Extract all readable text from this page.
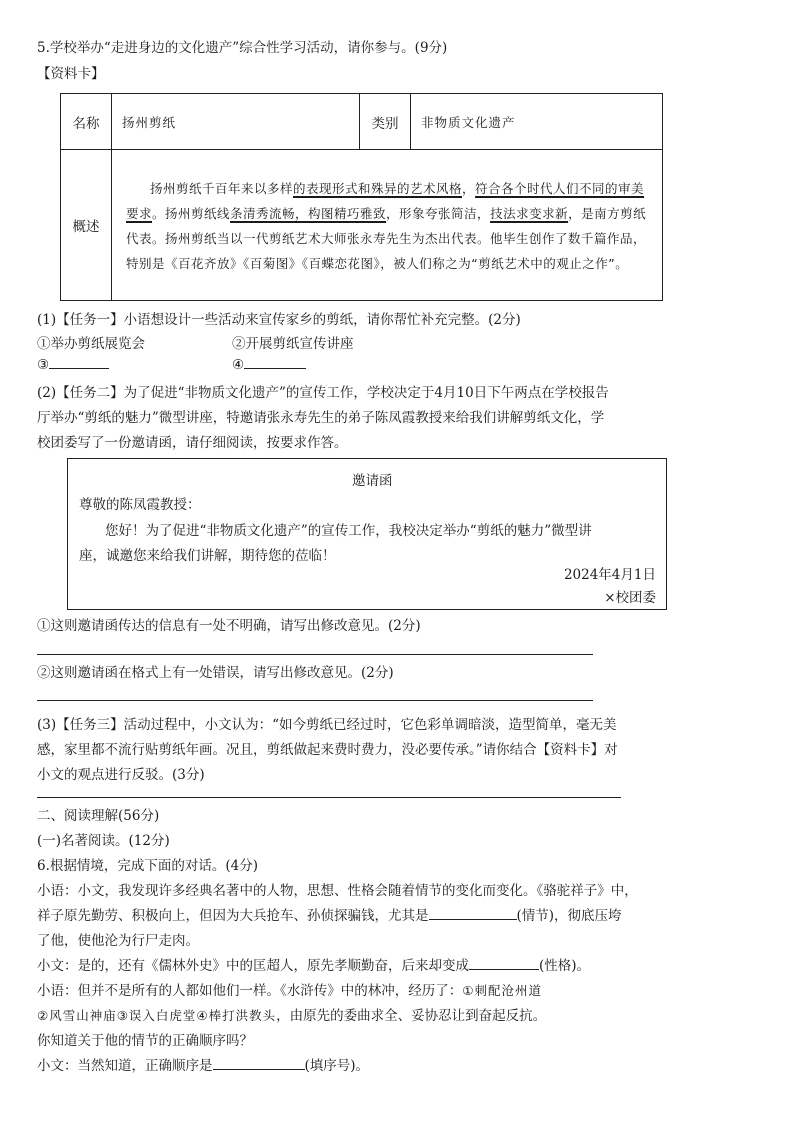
5.学校举办“走进身边的文化遗产”综合性学习活动，请你参与。(9分)
【资料卡】
名称	扬州剪纸	类别	非物质文化遗产
概述	扬州剪纸千百年来以多样的表现形式和殊异的艺术风格，符合各个时代人们不同的审美要求。扬州剪纸线条清秀流畅，构图精巧雅致，形象夸张简洁，技法求变求新，是南方剪纸代表。扬州剪纸当以一代剪纸艺术大师张永寿先生为杰出代表。他毕生创作了数千篇作品，特别是《百花齐放》《百菊图》《百蝶恋花图》，被人们称之为“剪纸艺术中的观止之作”。		
(1)【任务一】小语想设计一些活动来宣传家乡的剪纸，请你帮忙补充完整。(2分)
①举办剪纸展览会	②开展剪纸宣传讲座
③	④
(2)【任务二】为了促进“非物质文化遗产”的宣传工作，学校决定于4月10日下午两点在学校报告
厅举办“剪纸的魅力”微型讲座，特邀请张永寿先生的弟子陈凤霞教授来给我们讲解剪纸文化，学
校团委写了一份邀请函，请仔细阅读，按要求作答。
邀请函
尊敬的陈凤霞教授：
您好！为了促进“非物质文化遗产”的宣传工作，我校决定举办“剪纸的魅力”微型讲
座，诚邀您来给我们讲解，期待您的莅临！
2024年4月1日
×校团委
①这则邀请函传达的信息有一处不明确，请写出修改意见。(2分)
②这则邀请函在格式上有一处错误，请写出修改意见。(2分)
(3)【任务三】活动过程中，小文认为：“如今剪纸已经过时，它色彩单调暗淡，造型简单，毫无美
感，家里都不流行贴剪纸年画。况且，剪纸做起来费时费力，没必要传承。”请你结合【资料卡】对
小文的观点进行反驳。(3分)
二、阅读理解(56分)
(一)名著阅读。(12分)
6.根据情境，完成下面的对话。(4分)
小语：小文，我发现许多经典名著中的人物，思想、性格会随着情节的变化而变化。《骆驼祥子》中，
祥子原先勤劳、积极向上，但因为大兵抢车、孙侦探骗钱，尤其是	(情节)，彻底压垮
了他，使他沦为行尸走肉。
小文：是的，还有《儒林外史》中的匡超人，原先孝顺勤奋，后来却变成	(性格)。
小语：但并不是所有的人都如他们一样。《水浒传》中的林冲，经历了：①刺配沧州道
②风雪山神庙③误入白虎堂④棒打洪教头，由原先的委曲求全、妥协忍让到奋起反抗。
你知道关于他的情节的正确顺序吗？
小文：当然知道，正确顺序是	(填序号)。
